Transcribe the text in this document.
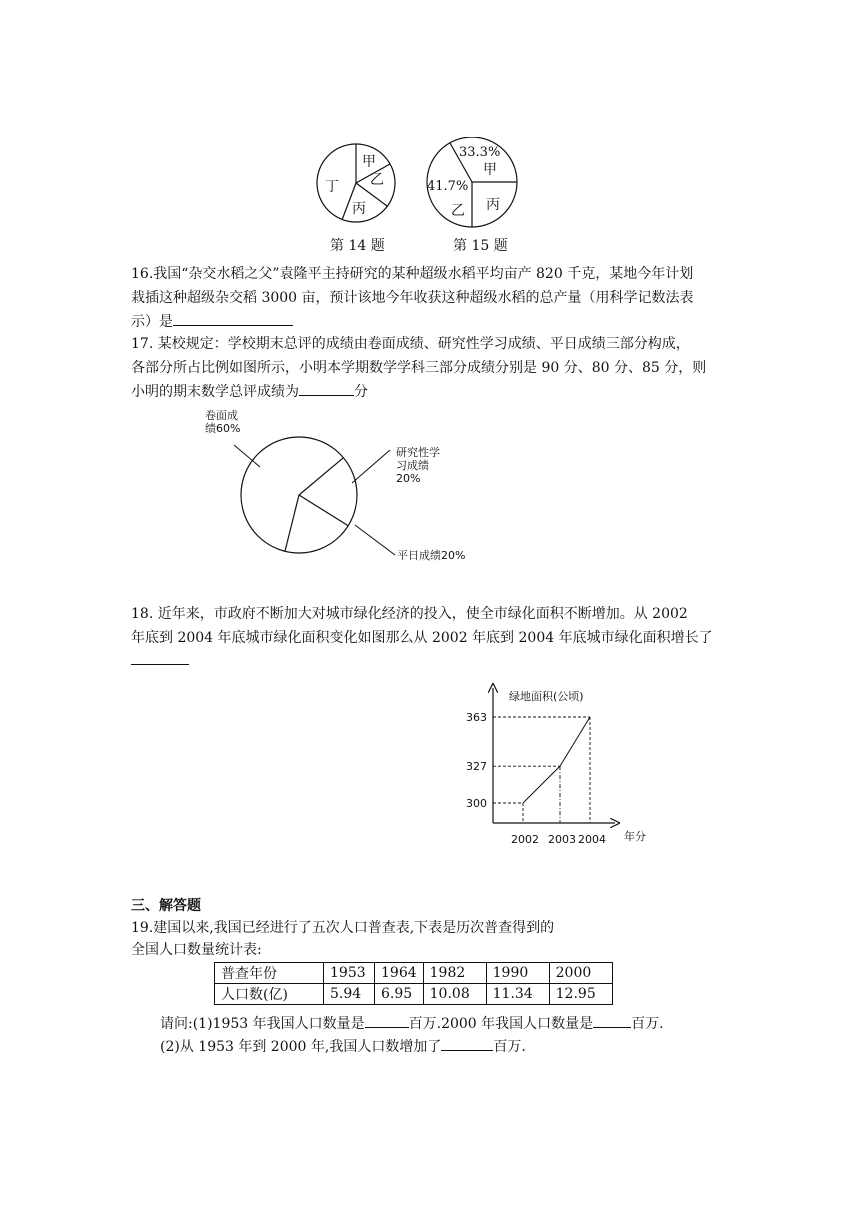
甲
乙
丙
丁
第 14 题
33.3%
甲
41.7%
乙 丙
第 15 题
16.我国“杂交水稻之父”袁隆平主持研究的某种超级水稻平均亩产 820 千克，某地今年计划
栽插这种超级杂交稻 3000 亩，预计该地今年收获这种超级水稻的总产量（用科学记数法表
示）是
17. 某校规定：学校期末总评的成绩由卷面成绩、研究性学习成绩、平日成绩三部分构成，
各部分所占比例如图所示，小明本学期数学学科三部分成绩分别是 90 分、80 分、85 分，则
小明的期末数学总评成绩为	分
卷面成
绩60%
研究性学
习成绩
20%
平日成绩20%
18. 近年来，市政府不断加大对城市绿化经济的投入，使全市绿化面积不断增加。从 2002
年底到 2004 年底城市绿化面积变化如图那么从 2002 年底到 2004 年底城市绿化面积增长了
绿地面积(公顷)
年分
300
327
363
2002 2003 2004
三、解答题
19.建国以来,我国已经进行了五次人口普查表,下表是历次普查得到的
全国人口数量统计表:
普查年份	1953	1964	1982	1990	2000
人口数(亿)	5.94	6.95	10.08	11.34	12.95
请问:(1)1953 年我国人口数量是	百万.2000 年我国人口数量是	百万.
(2)从 1953 年到 2000 年,我国人口数增加了	百万.
